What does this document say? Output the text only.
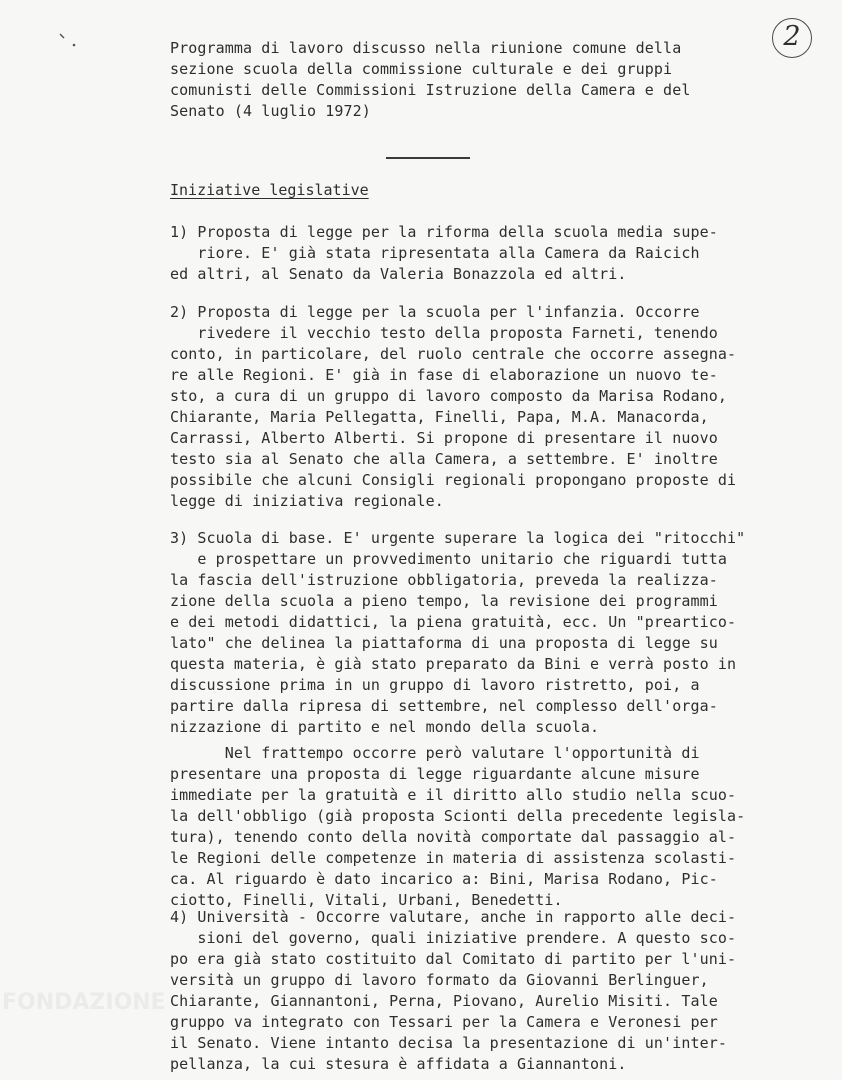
2
Programma di lavoro discusso nella riunione comune della
sezione scuola della commissione culturale e dei gruppi
comunisti delle Commissioni Istruzione della Camera e del
Senato (4 luglio 1972)
Iniziative legislative
1) Proposta di legge per la riforma della scuola media supe-
riore. E' già stata ripresentata alla Camera da Raicich
ed altri, al Senato da Valeria Bonazzola ed altri.
2) Proposta di legge per la scuola per l'infanzia. Occorre
rivedere il vecchio testo della proposta Farneti, tenendo
conto, in particolare, del ruolo centrale che occorre assegna-
re alle Regioni. E' già in fase di elaborazione un nuovo te-
sto, a cura di un gruppo di lavoro composto da Marisa Rodano,
Chiarante, Maria Pellegatta, Finelli, Papa, M.A. Manacorda,
Carrassi, Alberto Alberti. Si propone di presentare il nuovo
testo sia al Senato che alla Camera, a settembre. E' inoltre
possibile che alcuni Consigli regionali propongano proposte di
legge di iniziativa regionale.
3) Scuola di base. E' urgente superare la logica dei "ritocchi"
e prospettare un provvedimento unitario che riguardi tutta
la fascia dell'istruzione obbligatoria, preveda la realizza-
zione della scuola a pieno tempo, la revisione dei programmi
e dei metodi didattici, la piena gratuità, ecc. Un "preartico-
lato" che delinea la piattaforma di una proposta di legge su
questa materia, è già stato preparato da Bini e verrà posto in
discussione prima in un gruppo di lavoro ristretto, poi, a
partire dalla ripresa di settembre, nel complesso dell'orga-
nizzazione di partito e nel mondo della scuola.
Nel frattempo occorre però valutare l'opportunità di
presentare una proposta di legge riguardante alcune misure
immediate per la gratuità e il diritto allo studio nella scuo-
la dell'obbligo (già proposta Scionti della precedente legisla-
tura), tenendo conto della novità comportate dal passaggio al-
le Regioni delle competenze in materia di assistenza scolasti-
ca. Al riguardo è dato incarico a: Bini, Marisa Rodano, Pic-
ciotto, Finelli, Vitali, Urbani, Benedetti.
4) Università - Occorre valutare, anche in rapporto alle deci-
sioni del governo, quali iniziative prendere. A questo sco-
po era già stato costituito dal Comitato di partito per l'uni-
versità un gruppo di lavoro formato da Giovanni Berlinguer,
Chiarante, Giannantoni, Perna, Piovano, Aurelio Misiti. Tale
gruppo va integrato con Tessari per la Camera e Veronesi per
il Senato. Viene intanto decisa la presentazione di un'inter-
pellanza, la cui stesura è affidata a Giannantoni.
FONDAZIONE
